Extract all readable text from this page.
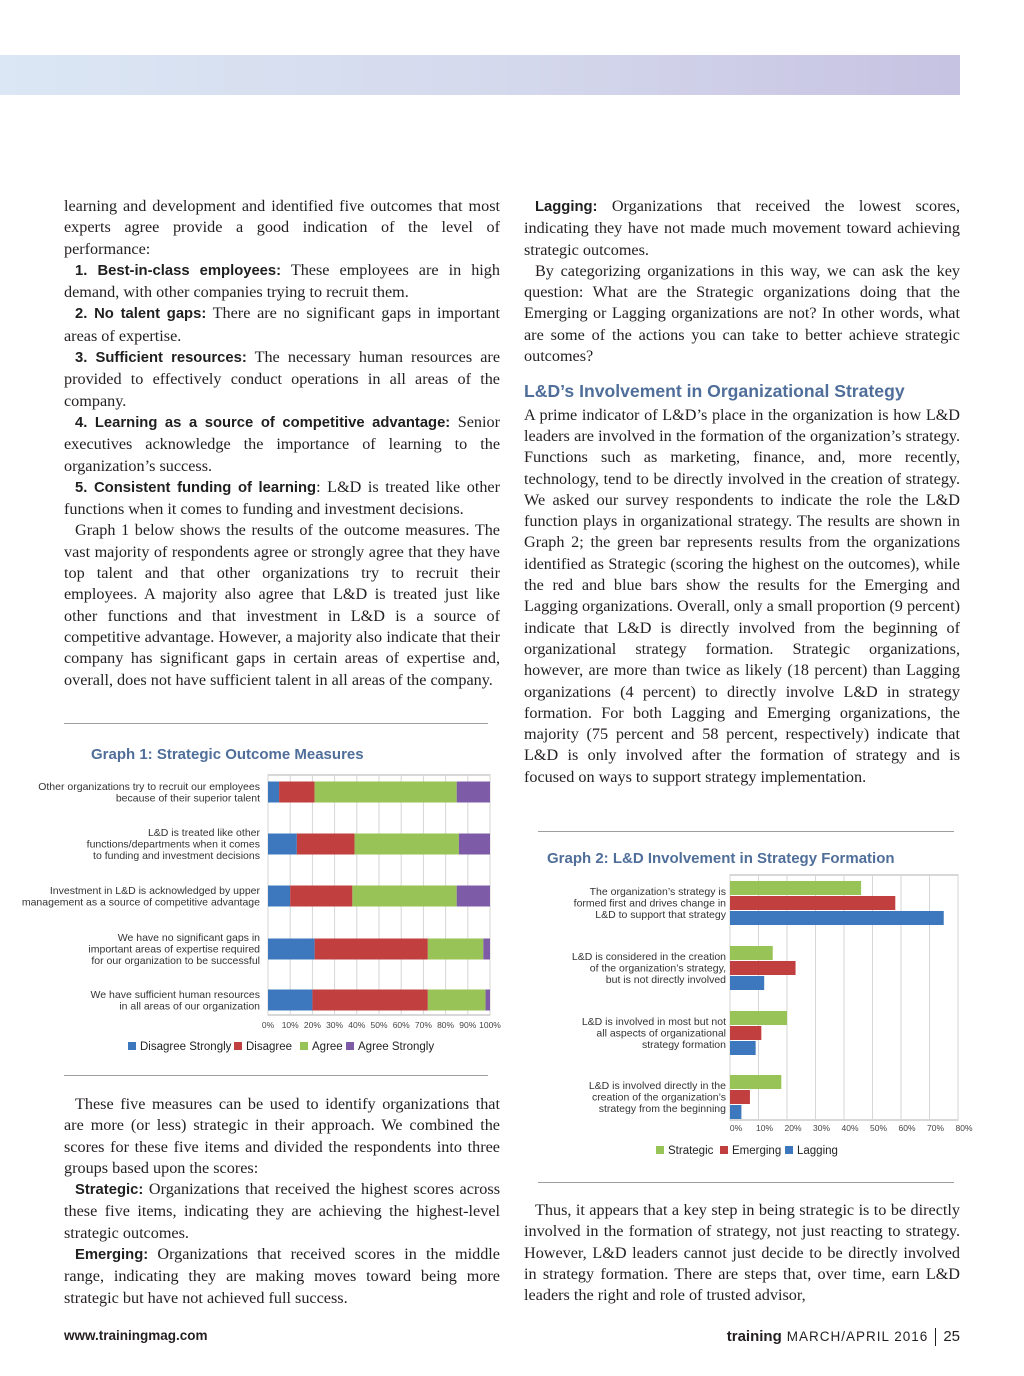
learning and development and identified five outcomes that most experts agree provide a good indication of the level of performance:

1. Best-in-class employees: These employees are in high demand, with other companies trying to recruit them.

2. No talent gaps: There are no significant gaps in important areas of expertise.

3. Sufficient resources: The necessary human resources are provided to effectively conduct operations in all areas of the company.

4. Learning as a source of competitive advantage: Senior executives acknowledge the importance of learning to the organization’s success.

5. Consistent funding of learning: L&D is treated like other functions when it comes to funding and investment decisions.

Graph 1 below shows the results of the outcome measures. The vast majority of respondents agree or strongly agree that they have top talent and that other organizations try to recruit their employees. A majority also agree that L&D is treated just like other functions and that investment in L&D is a source of competitive advantage. However, a majority also indicate that their company has significant gaps in certain areas of expertise and, overall, does not have sufficient talent in all areas of the company.

Graph 1: Strategic Outcome Measures

Other organizations try to recruit our employees
because of their superior talent
L&D is treated like other
functions/departments when it comes
to funding and investment decisions
Investment in L&D is acknowledged by upper
management as a source of competitive advantage
We have no significant gaps in
important areas of expertise required
for our organization to be successful
We have sufficient human resources
in all areas of our organization
0% 10% 20% 30% 40% 50% 60% 70% 80% 90% 100%
Disagree Strongly Disagree Agree Agree Strongly

These five measures can be used to identify organizations that are more (or less) strategic in their approach. We combined the scores for these five items and divided the respondents into three groups based upon the scores:

Strategic: Organizations that received the highest scores across these five items, indicating they are achieving the highest-level strategic outcomes.

Emerging: Organizations that received scores in the middle range, indicating they are making moves toward being more strategic but have not achieved full success.

Lagging: Organizations that received the lowest scores, indicating they have not made much movement toward achieving strategic outcomes.

By categorizing organizations in this way, we can ask the key question: What are the Strategic organizations doing that the Emerging or Lagging organizations are not? In other words, what are some of the actions you can take to better achieve strategic outcomes?

L&D’s Involvement in Organizational Strategy

A prime indicator of L&D’s place in the organization is how L&D leaders are involved in the formation of the organization’s strategy. Functions such as marketing, finance, and, more recently, technology, tend to be directly involved in the creation of strategy. We asked our survey respondents to indicate the role the L&D function plays in organizational strategy. The results are shown in Graph 2; the green bar represents results from the organizations identified as Strategic (scoring the highest on the outcomes), while the red and blue bars show the results for the Emerging and Lagging organizations. Overall, only a small proportion (9 percent) indicate that L&D is directly involved from the beginning of organizational strategy formation. Strategic organizations, however, are more than twice as likely (18 percent) than Lagging organizations (4 percent) to directly involve L&D in strategy formation. For both Lagging and Emerging organizations, the majority (75 percent and 58 percent, respectively) indicate that L&D is only involved after the formation of strategy and is focused on ways to support strategy implementation.

Graph 2: L&D Involvement in Strategy Formation

The organization’s strategy is
formed first and drives change in
L&D to support that strategy
L&D is considered in the creation
of the organization’s strategy,
but is not directly involved
L&D is involved in most but not
all aspects of organizational
strategy formation
L&D is involved directly in the
creation of the organization’s
strategy from the beginning
0% 10% 20% 30% 40% 50% 60% 70% 80%
Strategic Emerging Lagging

Thus, it appears that a key step in being strategic is to be directly involved in the formation of strategy, not just reacting to strategy. However, L&D leaders cannot just decide to be directly involved in strategy formation. There are steps that, over time, earn L&D leaders the right and role of trusted advisor,

www.trainingmag.com	training MARCH/APRIL 2016 25
